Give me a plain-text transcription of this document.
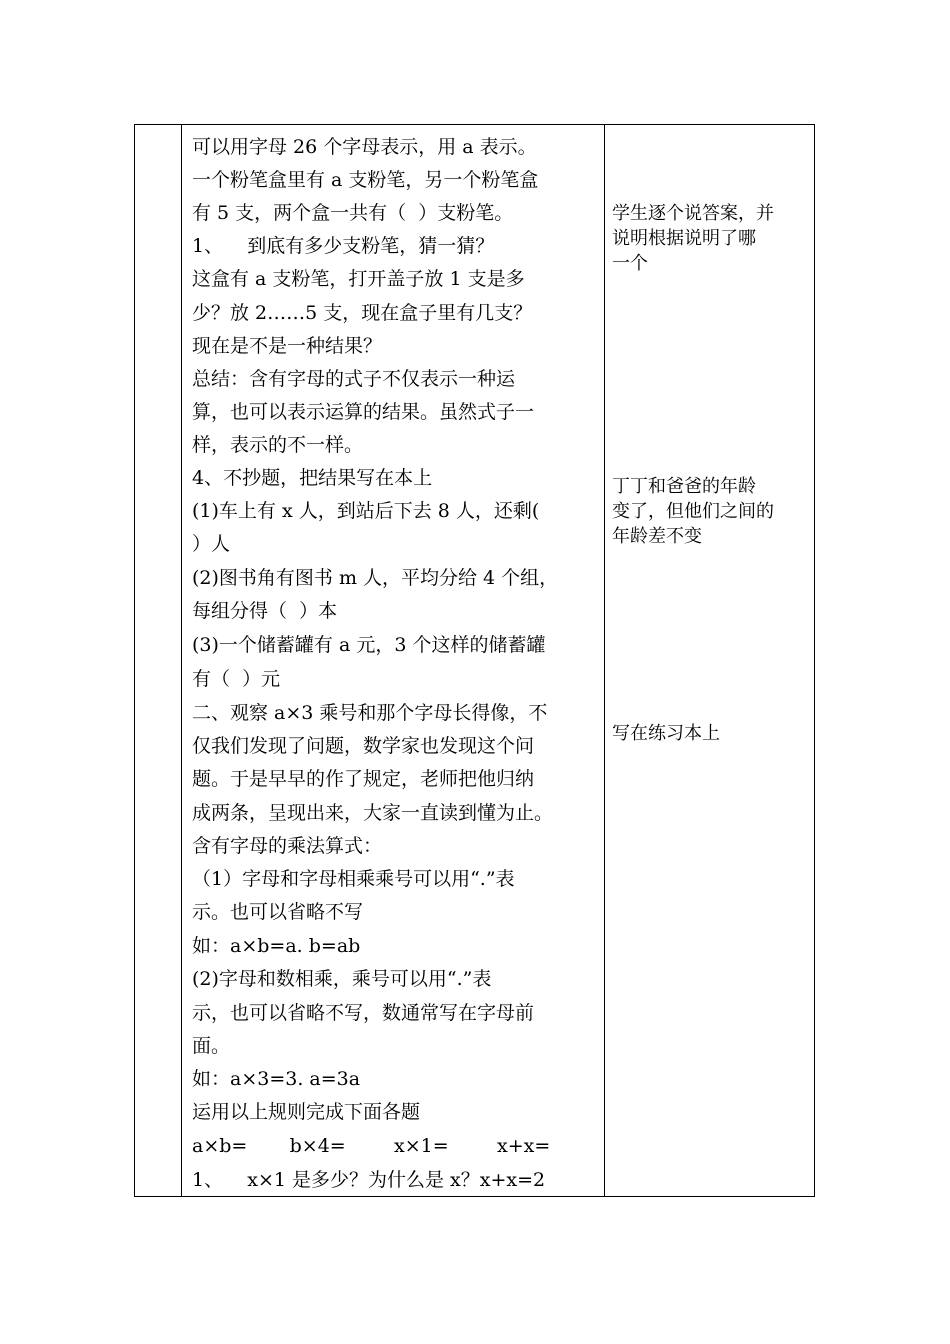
可以用字母 26 个字母表示，用 a 表示。
一个粉笔盒里有 a 支粉笔，另一个粉笔盒
有 5 支，两个盒一共有（  ）支粉笔。
1、    到底有多少支粉笔，猜一猜？
这盒有 a 支粉笔，打开盖子放 1 支是多
少？放 2……5 支，现在盒子里有几支？
现在是不是一种结果？
总结：含有字母的式子不仅表示一种运
算，也可以表示运算的结果。虽然式子一
样，表示的不一样。
4、不抄题，把结果写在本上
(1)车上有 x 人，到站后下去 8 人，还剩(
）人
(2)图书角有图书 m 人，平均分给 4 个组，
每组分得（  ）本
(3)一个储蓄罐有 a 元，3 个这样的储蓄罐
有（  ）元
二、观察 a×3 乘号和那个字母长得像，不
仅我们发现了问题，数学家也发现这个问
题。于是早早的作了规定，老师把他归纳
成两条，呈现出来，大家一直读到懂为止。
含有字母的乘法算式：
（1）字母和字母相乘乘号可以用“.”表
示。也可以省略不写
如：a×b=a. b=ab
(2)字母和数相乘，乘号可以用“.”表
示，也可以省略不写，数通常写在字母前
面。
如：a×3=3. a=3a
运用以上规则完成下面各题
a×b=       b×4=        x×1=        x+x=
1、    x×1 是多少？为什么是 x？x+x=2
学生逐个说答案，并
说明根据说明了哪
一个
丁丁和爸爸的年龄
变了，但他们之间的
年龄差不变
写在练习本上
